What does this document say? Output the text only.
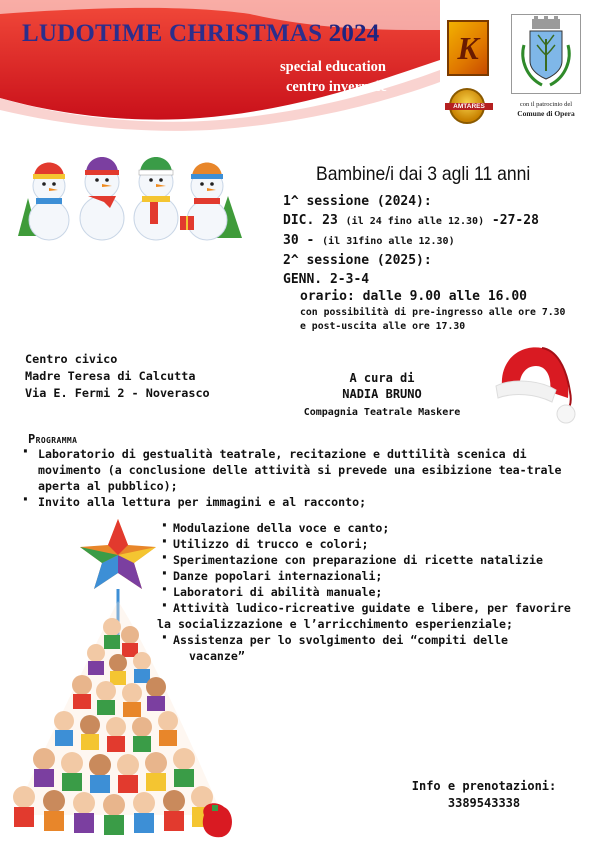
LUDOTIME CHRISTMAS 2024
special education
centro invernale
K
AMTARES	con il patrocinio del
Comune di Opera
Bambine/i dai 3 agli 11 anni
1^ sessione (2024):
DIC. 23 (il 24 fino alle 12.30) -27-28
30 - (il 31fino alle 12.30)
2^ sessione (2025):
GENN. 2-3-4
orario: dalle 9.00 alle 16.00
con possibilità di pre-ingresso alle ore 7.30
e post-uscita alle ore 17.30
Centro civico
Madre Teresa di Calcutta
Via E. Fermi 2 - Noverasco
A cura di
NADIA BRUNO
Compagnia Teatrale Maskere
Programma
· Laboratorio di gestualità teatrale, recitazione e duttilità scenica di movimento (a conclusione delle attività si prevede una esibizione tea-trale aperta al pubblico);
· Invito alla lettura per immagini e al racconto;
· Modulazione della voce e canto;
· Utilizzo di trucco e colori;
· Sperimentazione con preparazione di ricette natalizie
· Danze popolari internazionali;
· Laboratori di abilità manuale;
· Attività ludico-ricreative guidate e libere, per favorire la socializzazione e l’arricchimento esperienziale;
· Assistenza per lo svolgimento dei “compiti delle
vacanze”
Info e prenotazioni:
3389543338
